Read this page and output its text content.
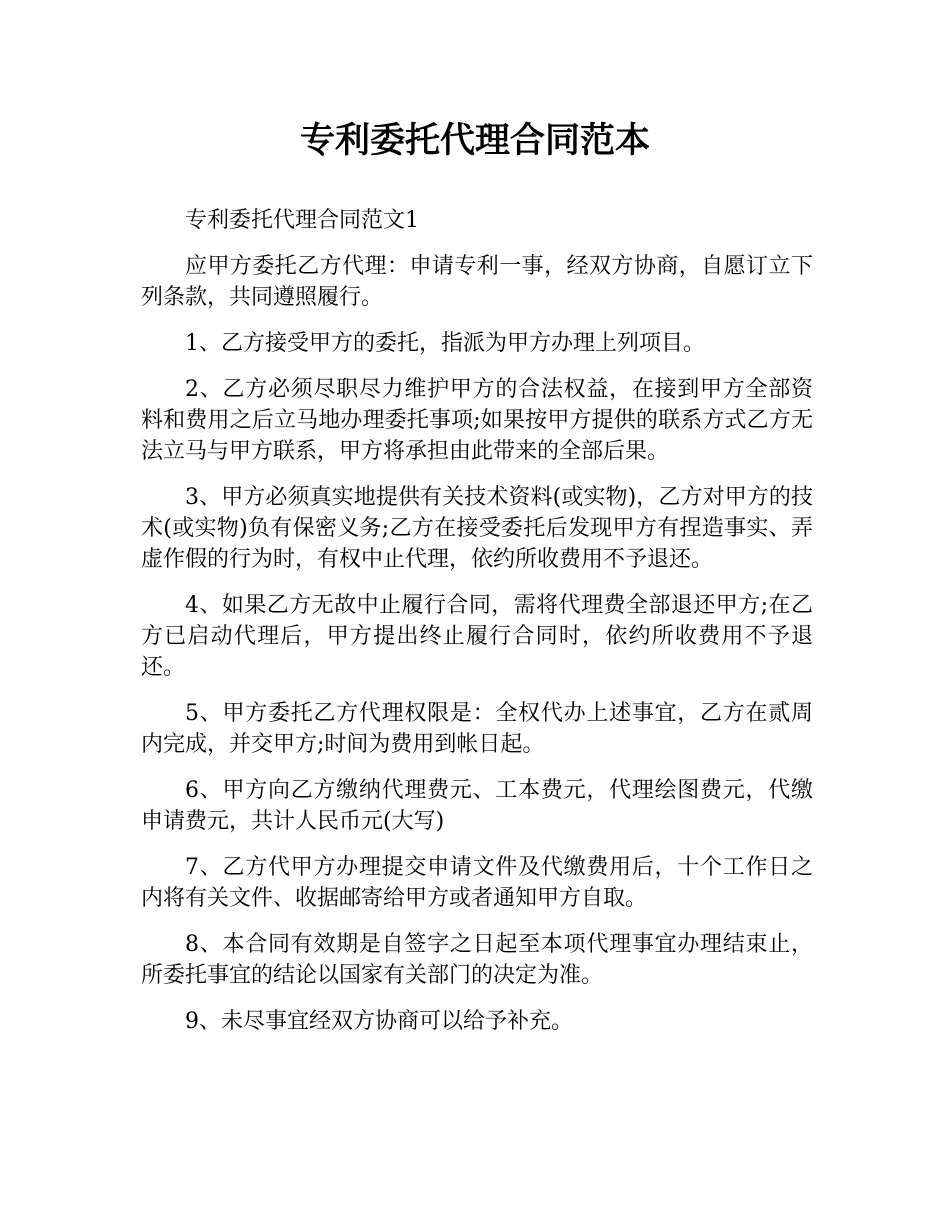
专利委托代理合同范本

专利委托代理合同范文1

应甲方委托乙方代理：申请专利一事，经双方协商，自愿订立下列条款，共同遵照履行。

1、乙方接受甲方的委托，指派为甲方办理上列项目。

2、乙方必须尽职尽力维护甲方的合法权益，在接到甲方全部资料和费用之后立马地办理委托事项;如果按甲方提供的联系方式乙方无法立马与甲方联系，甲方将承担由此带来的全部后果。

3、甲方必须真实地提供有关技术资料(或实物)，乙方对甲方的技术(或实物)负有保密义务;乙方在接受委托后发现甲方有捏造事实、弄虚作假的行为时，有权中止代理，依约所收费用不予退还。

4、如果乙方无故中止履行合同，需将代理费全部退还甲方;在乙方已启动代理后，甲方提出终止履行合同时，依约所收费用不予退还。

5、甲方委托乙方代理权限是：全权代办上述事宜，乙方在贰周内完成，并交甲方;时间为费用到帐日起。

6、甲方向乙方缴纳代理费元、工本费元，代理绘图费元，代缴申请费元，共计人民币元(大写)

7、乙方代甲方办理提交申请文件及代缴费用后，十个工作日之内将有关文件、收据邮寄给甲方或者通知甲方自取。

8、本合同有效期是自签字之日起至本项代理事宜办理结束止，所委托事宜的结论以国家有关部门的决定为准。

9、未尽事宜经双方协商可以给予补充。
